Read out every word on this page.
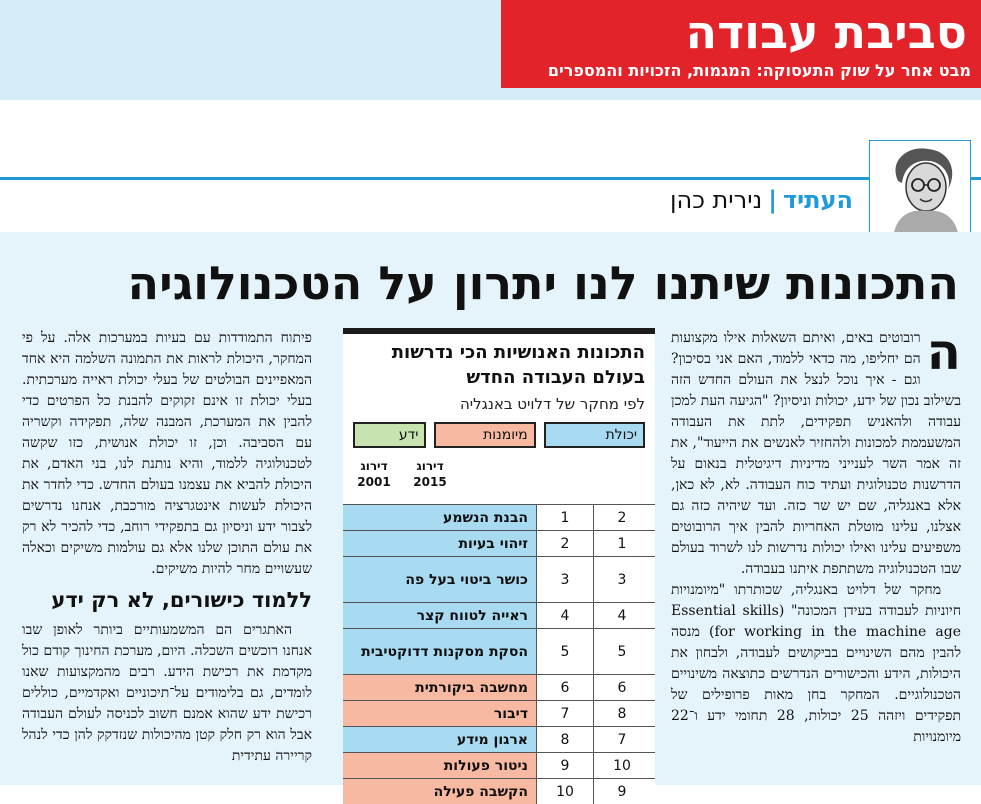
סביבת עבודה
מבט אחר על שוק התעסוקה: המגמות, הזכויות והמספרים
העתיד|נירית כהן
התכונות שיתנו לנו יתרון על הטכנולוגיה
ה

רובוטים באים, ואיתם השאלות אילו מקצועות הם יחליפו, מה כדאי ללמוד, האם אני בסיכון? וגם - איך נוכל לנצל את העולם החדש הזה בשילוב נכון של ידע, יכולות וניסיון? "הגיעה העת למכן עבודה ולהאניש תפקידים, לתת את העבודה המשעממת למכונות ולהחזיר לאנשים את הייעוד", את זה אמר השר לענייני מדיניות דיגיטלית בנאום על הדרשנות טכנולוגית ועתיד כוח העבודה. לא, לא כאן, אלא באנגליה, שם יש שר כזה. ועד שיהיה כזה גם אצלנו, עלינו מוטלת האחריות להבין איך הרובוטים משפיעים עלינו ואילו יכולות נדרשות לנו לשרוד בעולם שבו הטכנולוגיה משתתפת איתנו בעבודה.

מחקר של דלויט באנגליה, שכותרתו "מיומנויות חיוניות לעבודה בעידן המכונה" (Essential skills for working in the machine age) מנסה להבין מהם השינויים בביקושים לעבודה, ולבחון את היכולות, הידע והכישורים הנדרשים כתוצאה משינויים הטכנולוגיים. המחקר בחן מאות פרופילים של תפקידים ויזהה 25 יכולות, 28 תחומי ידע ו־22 מיומנויות

פיתוח התמודדות עם בעיות במערכות אלה. על פי המחקר, היכולת לראות את התמונה השלמה היא אחד המאפיינים הבולטים של בעלי יכולת ראייה מערכתית. בעלי יכולת זו אינם זקוקים להבנת כל הפרטים כדי להבין את המערכת, המבנה שלה, תפקידה וקשריה עם הסביבה. וכן, זו יכולת אנושית, כזו שקשה לטכנולוגיה ללמוד, והיא נותנת לנו, בני האדם, את היכולת להביא את עצמנו בעולם החדש. כדי לחדר את היכולת לעשות אינטגרציה מורכבת, אנחנו נדרשים לצבור ידע וניסיון גם בתפקידי רוחב, כדי להכיר לא רק את עולם התוכן שלנו אלא גם עולמות משיקים וכאלה שעשויים מחר להיות משיקים.

ללמוד כישורים, לא רק ידע

האתגרים הם המשמעותיים ביותר לאופן שבו אנחנו רוכשים השכלה. היום, מערכת החינוך קודם כול מקדמת את רכישת הידע. רבים מהמקצועות שאנו לומדים, גם בלימודים על־תיכוניים ואקדמיים, כוללים רכישת ידע שהוא אמנם חשוב לכניסה לעולם העבודה אבל הוא רק חלק קטן מהיכולות שנזדקק להן כדי לנהל קריירה עתידית

התכונות האנושיות הכי נדרשות בעולם העבודה החדש
לפי מחקר של דלויט באנגליה
יכולת
מיומנות
ידע
דירוג 2015
דירוג 2001
הבנת הנשמע	1	2
זיהוי בעיות	2	1
כושר ביטוי בעל פה	3	3
ראייה לטווח קצר	4	4
הסקת מסקנות דדוקטיבית	5	5
מחשבה ביקורתית	6	6
דיבור	7	8
ארגון מידע	8	7
ניטור פעולות	9	10
הקשבה פעילה	10	9
